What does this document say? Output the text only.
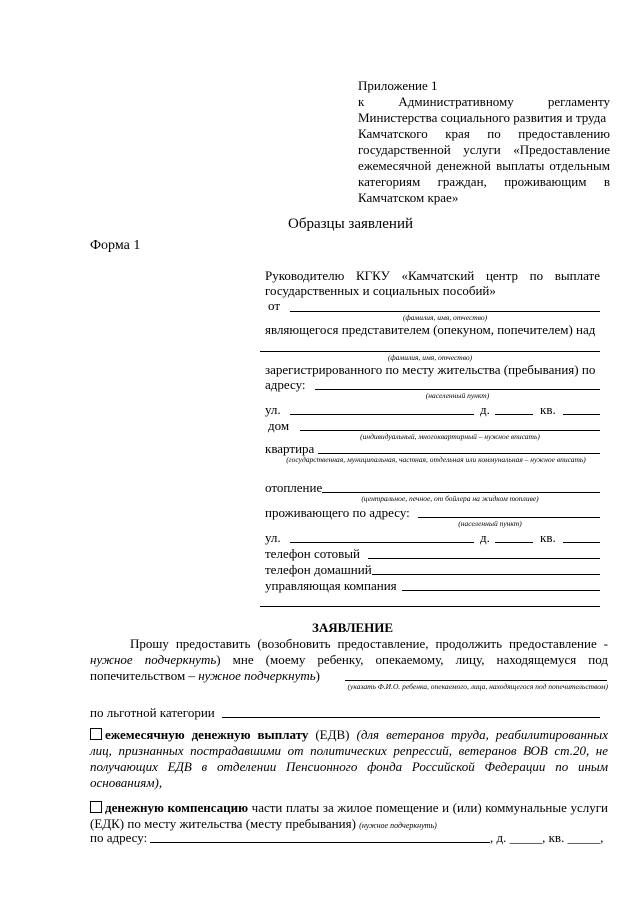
Приложение 1
к Административному регламенту
Министерства социального развития и труда
Камчатского края по предоставлению
государственной услуги «Предоставление
ежемесячной денежной выплаты отдельным
категориям граждан, проживающим в
Камчатском крае»
Образцы заявлений
Форма 1
Руководителю КГКУ «Камчатский центр по выплате
государственных и социальных пособий»
от
(фамилия, имя, отчество)
являющегося представителем (опекуном, попечителем) над
(фамилия, имя, отчество)
зарегистрированного по месту жительства (пребывания) по
адресу:
(населенный пункт)
ул.	д.	кв.
дом
(индивидуальный, многоквартирный – нужное вписать)
квартира
(государственная, муниципальная, частная, отдельная или коммунальная – нужное вписать)
отопление
(центральное, печное, от бойлера на жидком топливе)
проживающего по адресу:
(населенный пункт)
ул.	д.	кв.
телефон сотовый
телефон домашний
управляющая компания
ЗАЯВЛЕНИЕ
Прошу предоставить (возобновить предоставление, продолжить предоставление -
нужное подчеркнуть) мне (моему ребенку, опекаемому, лицу, находящемуся под
попечительством – нужное подчеркнуть)
(указать Ф.И.О. ребенка, опекаемого, лица, находящегося под попечительством)
по льготной категории
ежемесячную денежную выплату (ЕДВ) (для ветеранов труда, реабилитированных
лиц, признанных пострадавшими от политических репрессий, ветеранов ВОВ ст.20, не
получающих ЕДВ в отделении Пенсионного фонда Российской Федерации по иным
основаниям),
денежную компенсацию части платы за жилое помещение и (или) коммунальные услуги
(ЕДК) по месту жительства (месту пребывания) (нужное подчеркнуть)
по адресу:	, д. _____, кв. _____,
